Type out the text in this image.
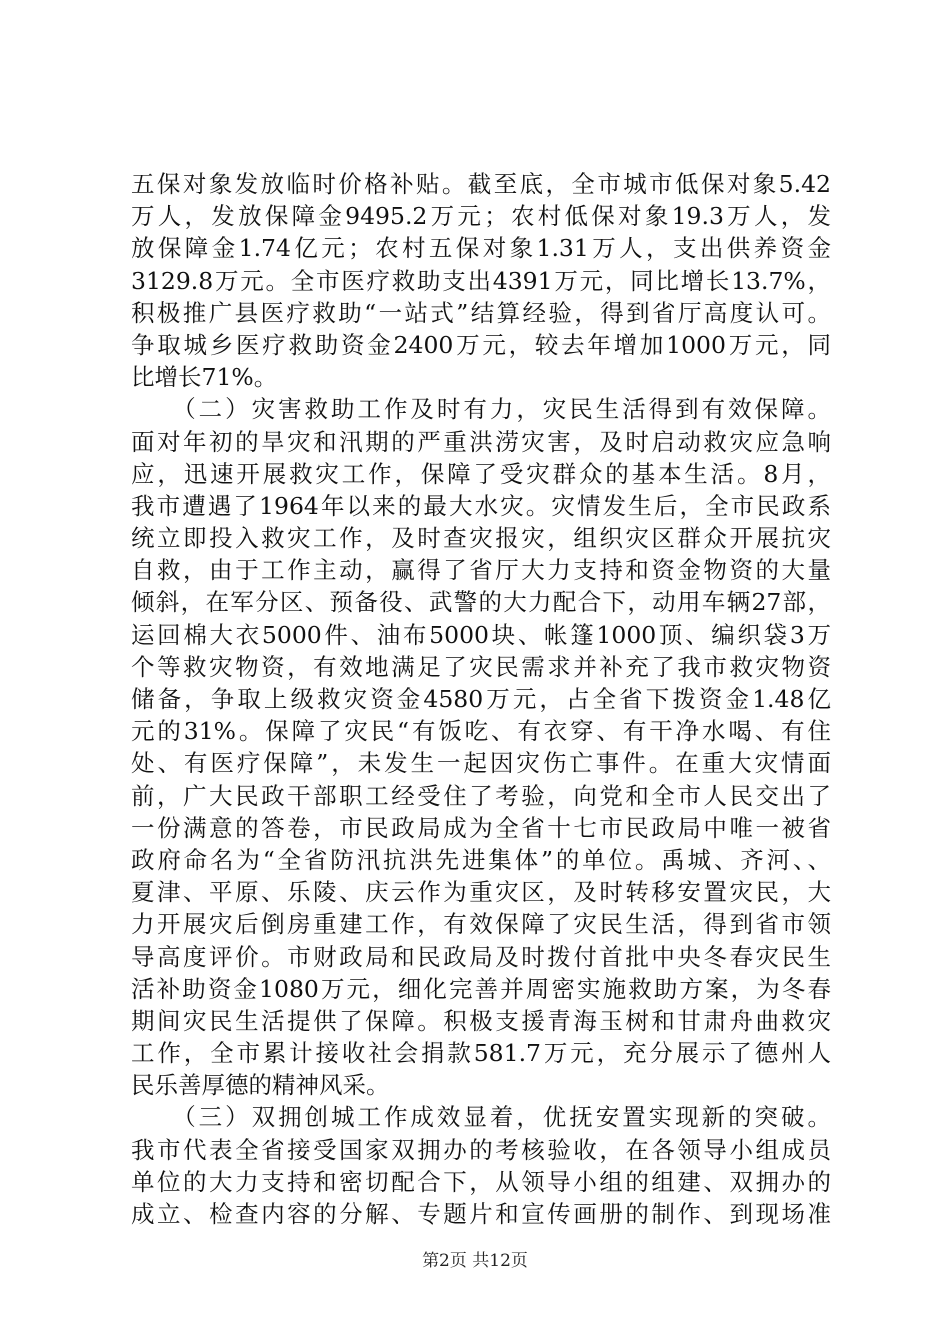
五保对象发放临时价格补贴。截至底，全市城市低保对象5.42
万人，发放保障金9495.2万元；农村低保对象19.3万人，发
放保障金1.74亿元；农村五保对象1.31万人，支出供养资金
3129.8万元。全市医疗救助支出4391万元，同比增长13.7%，
积极推广县医疗救助“一站式”结算经验，得到省厅高度认可。
争取城乡医疗救助资金2400万元，较去年增加1000万元，同
比增长71%。
　　（二）灾害救助工作及时有力，灾民生活得到有效保障。
面对年初的旱灾和汛期的严重洪涝灾害，及时启动救灾应急响
应，迅速开展救灾工作，保障了受灾群众的基本生活。8月，
我市遭遇了1964年以来的最大水灾。灾情发生后，全市民政系
统立即投入救灾工作，及时查灾报灾，组织灾区群众开展抗灾
自救，由于工作主动，赢得了省厅大力支持和资金物资的大量
倾斜，在军分区、预备役、武警的大力配合下，动用车辆27部，
运回棉大衣5000件、油布5000块、帐篷1000顶、编织袋3万
个等救灾物资，有效地满足了灾民需求并补充了我市救灾物资
储备，争取上级救灾资金4580万元，占全省下拨资金1.48亿
元的31%。保障了灾民“有饭吃、有衣穿、有干净水喝、有住
处、有医疗保障”，未发生一起因灾伤亡事件。在重大灾情面
前，广大民政干部职工经受住了考验，向党和全市人民交出了
一份满意的答卷，市民政局成为全省十七市民政局中唯一被省
政府命名为“全省防汛抗洪先进集体”的单位。禹城、齐河、、
夏津、平原、乐陵、庆云作为重灾区，及时转移安置灾民，大
力开展灾后倒房重建工作，有效保障了灾民生活，得到省市领
导高度评价。市财政局和民政局及时拨付首批中央冬春灾民生
活补助资金1080万元，细化完善并周密实施救助方案，为冬春
期间灾民生活提供了保障。积极支援青海玉树和甘肃舟曲救灾
工作，全市累计接收社会捐款581.7万元，充分展示了德州人
民乐善厚德的精神风采。
　　（三）双拥创城工作成效显着，优抚安置实现新的突破。
我市代表全省接受国家双拥办的考核验收，在各领导小组成员
单位的大力支持和密切配合下，从领导小组的组建、双拥办的
成立、检查内容的分解、专题片和宣传画册的制作、到现场准
第2页 共12页
